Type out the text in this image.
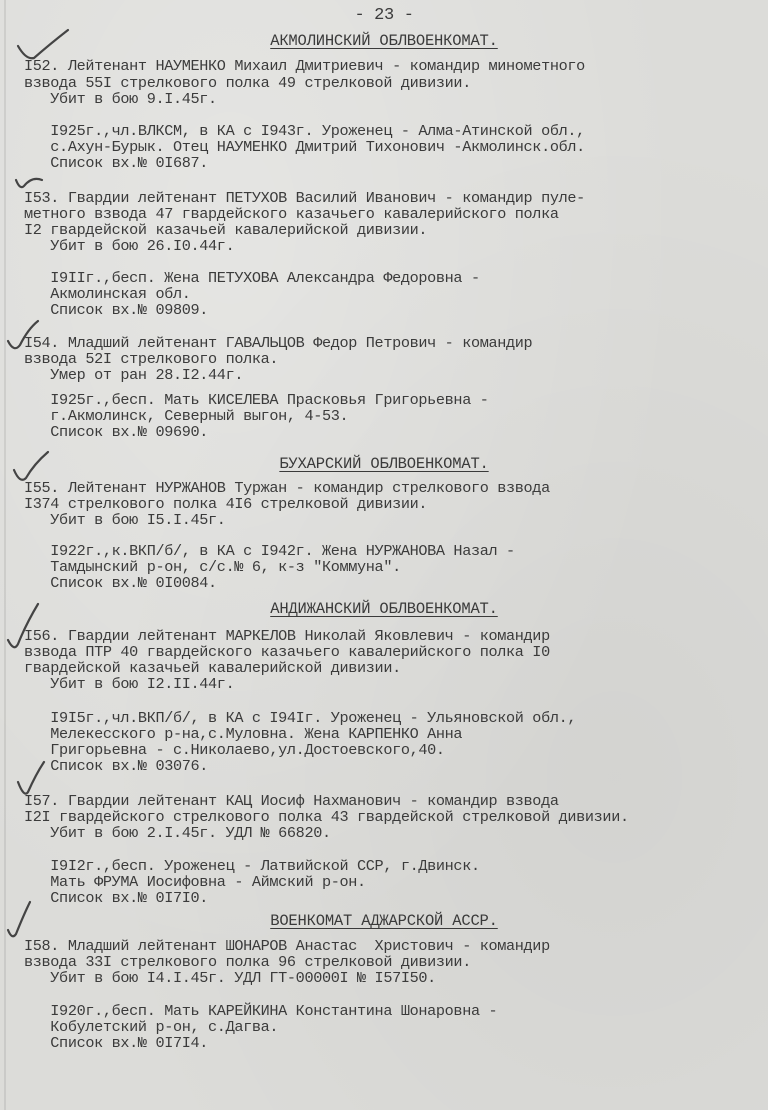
- 23 -
АКМОЛИНСКИЙ ОБЛВОЕНКОМАТ.
I52. Лейтенант НАУМЕНКО Михаил Дмитриевич - командир минометного
взвода 55I стрелкового полка 49 стрелковой дивизии.
Убит в бою 9.I.45г.
I925г.,чл.ВЛКСМ, в КА с I943г. Уроженец - Алма-Атинской обл.,
с.Ахун-Бурык. Отец НАУМЕНКО Дмитрий Тихонович -Акмолинск.обл.
Список вх.№ 0I687.
I53. Гвардии лейтенант ПЕТУХОВ Василий Иванович - командир пуле-
метного взвода 47 гвардейского казачьего кавалерийского полка
I2 гвардейской казачьей кавалерийской дивизии.
Убит в бою 26.I0.44г.
I9IIг.,бесп. Жена ПЕТУХОВА Александра Федоровна -
Акмолинская обл.
Список вх.№ 09809.
I54. Младший лейтенант ГАВАЛЬЦОВ Федор Петрович - командир
взвода 52I стрелкового полка.
Умер от ран 28.I2.44г.
I925г.,бесп. Мать КИСЕЛЕВА Прасковья Григорьевна -
г.Акмолинск, Северный выгон, 4-53.
Список вх.№ 09690.
БУХАРСКИЙ ОБЛВОЕНКОМАТ.
I55. Лейтенант НУРЖАНОВ Туржан - командир стрелкового взвода
I374 стрелкового полка 4I6 стрелковой дивизии.
Убит в бою I5.I.45г.
I922г.,к.ВКП/б/, в КА с I942г. Жена НУРЖАНОВА Назал -
Тамдынский р-он, с/с.№ 6, к-з "Коммуна".
Список вх.№ 0I0084.
АНДИЖАНСКИЙ ОБЛВОЕНКОМАТ.
I56. Гвардии лейтенант МАРКЕЛОВ Николай Яковлевич - командир
взвода ПТР 40 гвардейского казачьего кавалерийского полка I0
гвардейской казачьей кавалерийской дивизии.
Убит в бою I2.II.44г.
I9I5г.,чл.ВКП/б/, в КА с I94Iг. Уроженец - Ульяновской обл.,
Мелекесского р-на,с.Муловна. Жена КАРПЕНКО Анна
Григорьевна - с.Николаево,ул.Достоевского,40.
Список вх.№ 03076.
I57. Гвардии лейтенант КАЦ Иосиф Нахманович - командир взвода
I2I гвардейского стрелкового полка 43 гвардейской стрелковой дивизии.
Убит в бою 2.I.45г. УДЛ № 66820.
I9I2г.,бесп. Уроженец - Латвийской ССР, г.Двинск.
Мать ФРУМА Иосифовна - Аймский р-он.
Список вх.№ 0I7I0.
ВОЕНКОМАТ АДЖАРСКОЙ АССР.
I58. Младший лейтенант ШОНАРОВ Анастас  Христович - командир
взвода 33I стрелкового полка 96 стрелковой дивизии.
Убит в бою I4.I.45г. УДЛ ГТ-00000I № I57I50.
I920г.,бесп. Мать КАРЕЙКИНА Константина Шонаровна -
Кобулетский р-он, с.Дагва.
Список вх.№ 0I7I4.
